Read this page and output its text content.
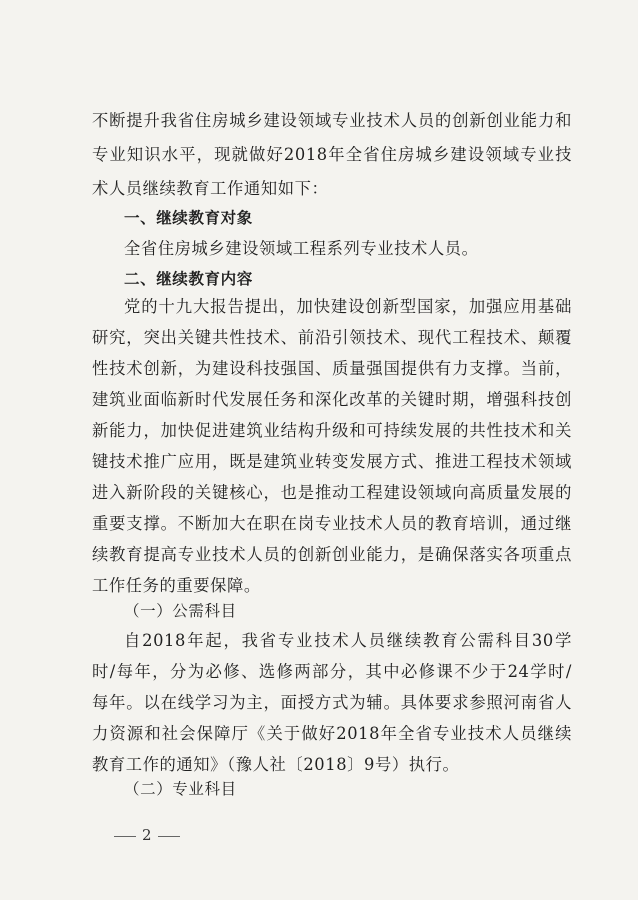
不断提升我省住房城乡建设领域专业技术人员的创新创业能力和
专业知识水平，现就做好2018年全省住房城乡建设领域专业技
术人员继续教育工作通知如下：
一、继续教育对象
全省住房城乡建设领域工程系列专业技术人员。
二、继续教育内容
党的十九大报告提出，加快建设创新型国家，加强应用基础
研究，突出关键共性技术、前沿引领技术、现代工程技术、颠覆
性技术创新，为建设科技强国、质量强国提供有力支撑。当前，
建筑业面临新时代发展任务和深化改革的关键时期，增强科技创
新能力，加快促进建筑业结构升级和可持续发展的共性技术和关
键技术推广应用，既是建筑业转变发展方式、推进工程技术领域
进入新阶段的关键核心，也是推动工程建设领域向高质量发展的
重要支撑。不断加大在职在岗专业技术人员的教育培训，通过继
续教育提高专业技术人员的创新创业能力，是确保落实各项重点
工作任务的重要保障。
（一）公需科目
自2018年起，我省专业技术人员继续教育公需科目30学
时/每年，分为必修、选修两部分，其中必修课不少于24学时/
每年。以在线学习为主，面授方式为辅。具体要求参照河南省人
力资源和社会保障厅《关于做好2018年全省专业技术人员继续
教育工作的通知》（豫人社〔2018〕9号）执行。
（二）专业科目
2
